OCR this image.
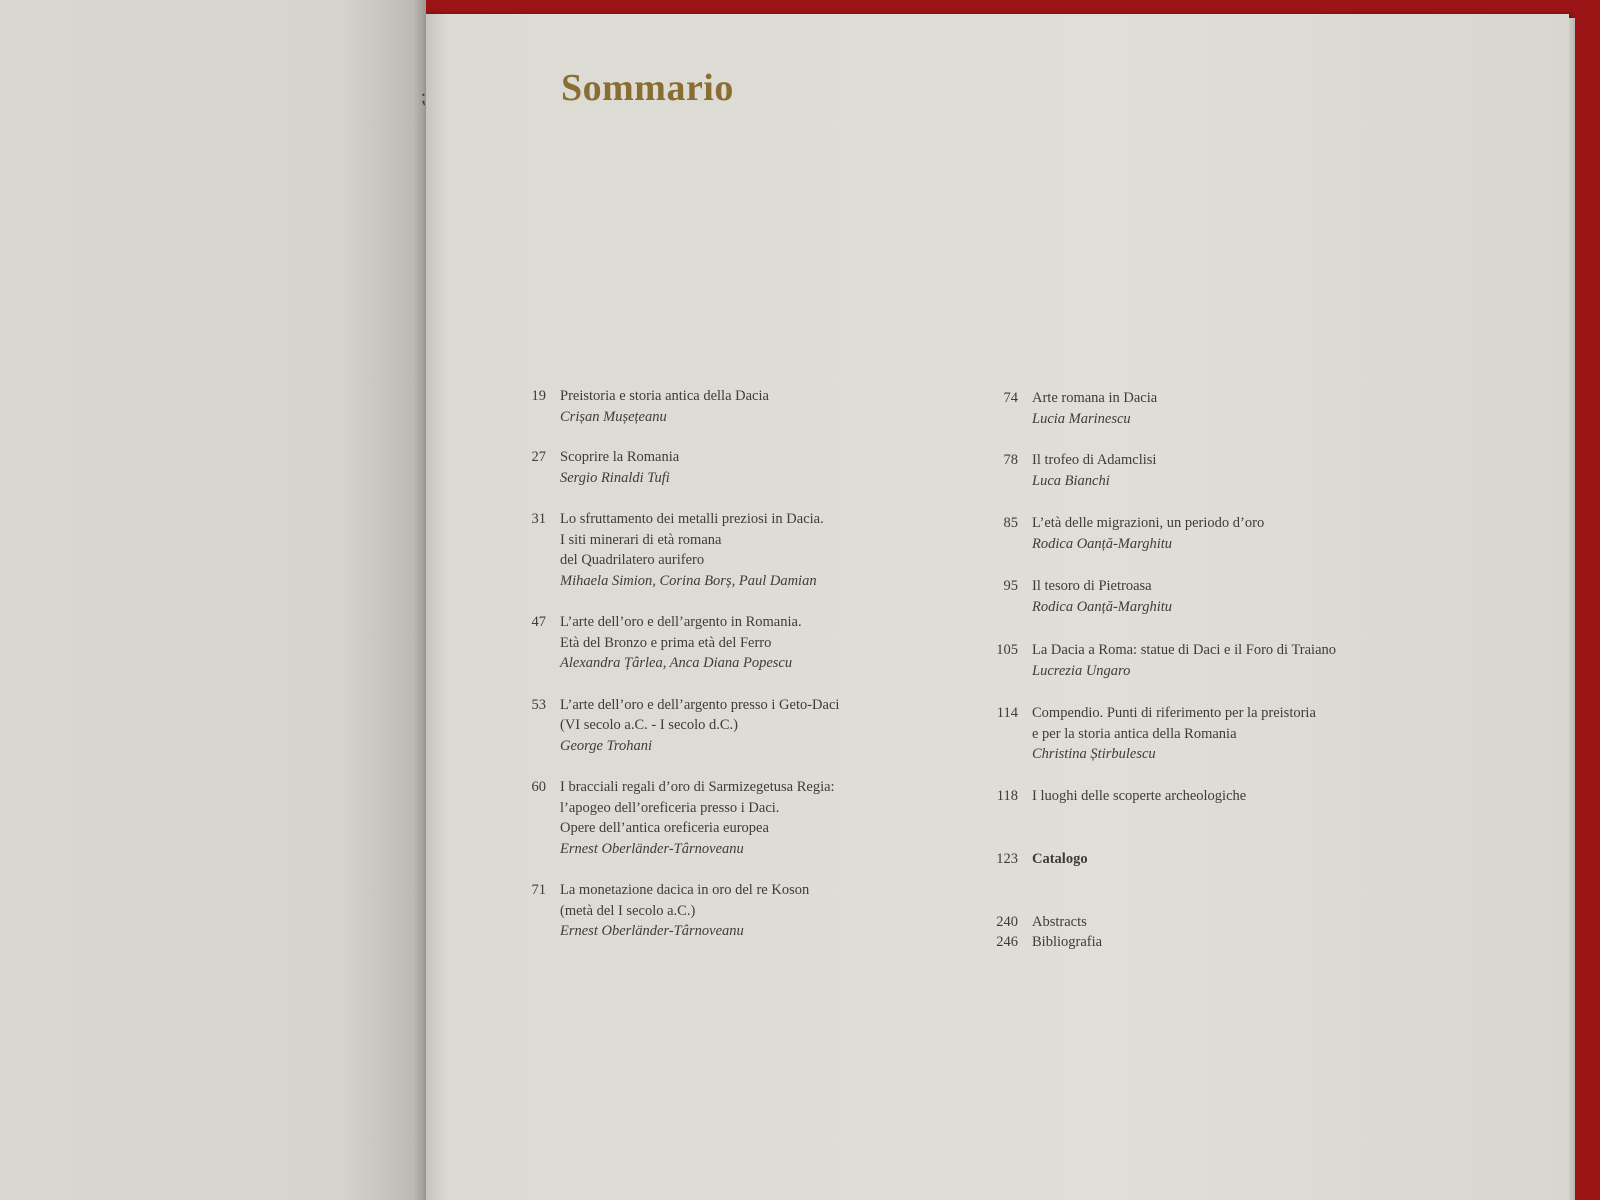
⁏	Sommario
19 Preistoria e storia antica della Dacia
Crișan Mușețeanu
27 Scoprire la Romania
Sergio Rinaldi Tufi
31 Lo sfruttamento dei metalli preziosi in Dacia.
I siti minerari di età romana
del Quadrilatero aurifero
Mihaela Simion, Corina Borș, Paul Damian
47 L’arte dell’oro e dell’argento in Romania.
Età del Bronzo e prima età del Ferro
Alexandra Țârlea, Anca Diana Popescu
53 L’arte dell’oro e dell’argento presso i Geto-Daci
(VI secolo a.C. - I secolo d.C.)
George Trohani
60 I bracciali regali d’oro di Sarmizegetusa Regia:
l’apogeo dell’oreficeria presso i Daci.
Opere dell’antica oreficeria europea
Ernest Oberländer-Târnoveanu
71 La monetazione dacica in oro del re Koson
(metà del I secolo a.C.)
Ernest Oberländer-Târnoveanu
74 Arte romana in Dacia
Lucia Marinescu
78 Il trofeo di Adamclisi
Luca Bianchi
85 L’età delle migrazioni, un periodo d’oro
Rodica Oanță-Marghitu
95 Il tesoro di Pietroasa
Rodica Oanță-Marghitu
105 La Dacia a Roma: statue di Daci e il Foro di Traiano
Lucrezia Ungaro
114 Compendio. Punti di riferimento per la preistoria
e per la storia antica della Romania
Christina Știrbulescu
118 I luoghi delle scoperte archeologiche
123 Catalogo
240 Abstracts
246 Bibliografia
